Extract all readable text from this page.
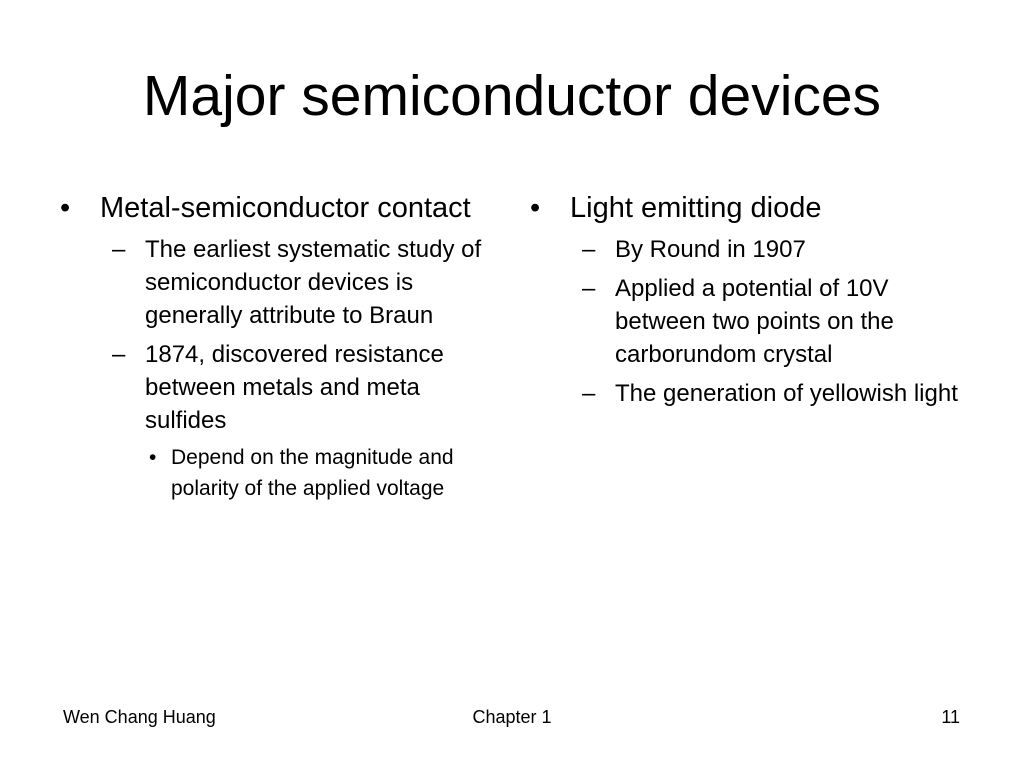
Major semiconductor devices
•	Metal-semiconductor contact
– The earliest systematic study of semiconductor devices is generally attribute to Braun
– 1874, discovered resistance between metals and meta sulfides
• Depend on the magnitude and  polarity of the applied voltage
•	Light emitting diode
– By Round in 1907
– Applied a potential of 10V between two points on the carborundom crystal
– The generation of yellowish light
Wen Chang Huang	Chapter 1	11
